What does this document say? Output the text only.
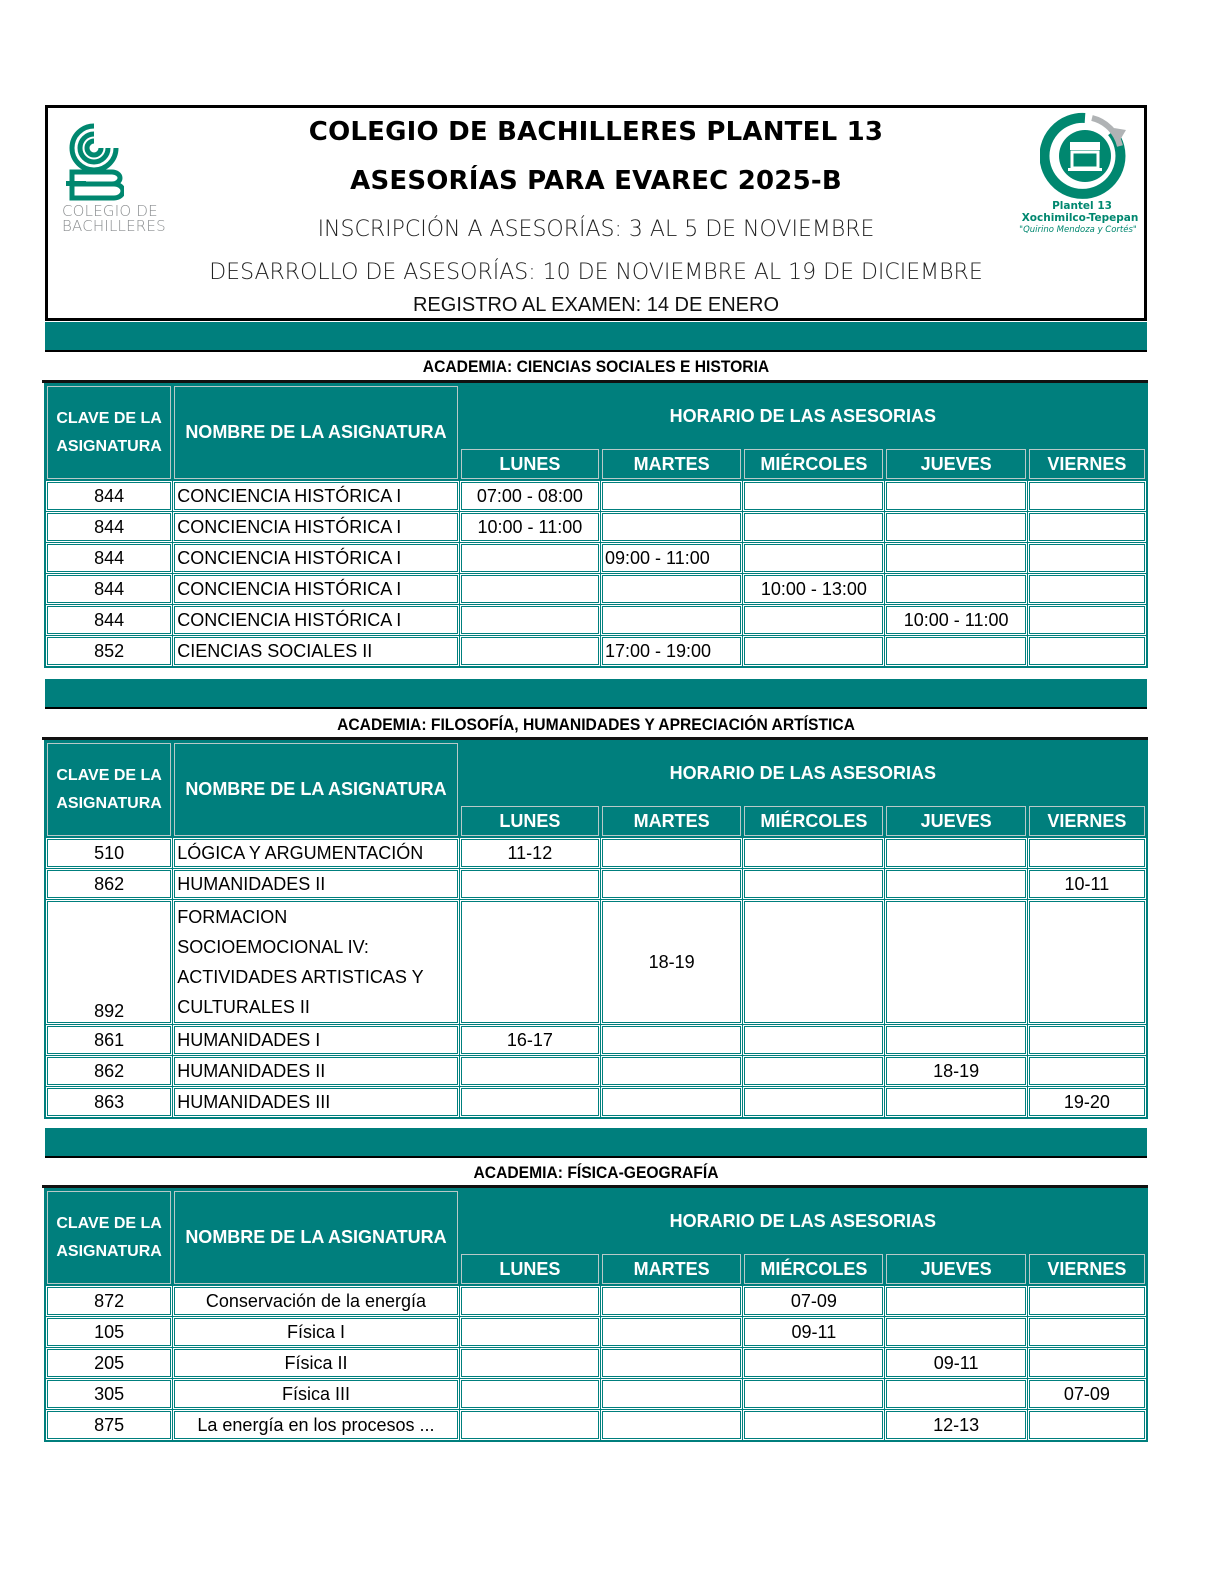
COLEGIO DE
BACHILLERES
COLEGIO DE BACHILLERES PLANTEL 13
ASESORÍAS PARA EVAREC 2025-B
INSCRIPCIÓN A ASESORÍAS: 3 AL 5 DE NOVIEMBRE
DESARROLLO DE ASESORÍAS: 10 DE NOVIEMBRE AL 19 DE DICIEMBRE
REGISTRO AL EXAMEN: 14 DE ENERO
Plantel 13
Xochimilco-Tepepan
"Quirino Mendoza y Cortés"
ACADEMIA: CIENCIAS SOCIALES E HISTORIA
CLAVE DE LA ASIGNATURA	NOMBRE DE LA ASIGNATURA	HORARIO DE LAS ASESORIAS				
		LUNES	MARTES	MIÉRCOLES	JUEVES	VIERNES
844	CONCIENCIA HISTÓRICA I	07:00 - 08:00				
844	CONCIENCIA HISTÓRICA I	10:00 - 11:00				
844	CONCIENCIA HISTÓRICA I		09:00 - 11:00			
844	CONCIENCIA HISTÓRICA I			10:00 - 13:00		
844	CONCIENCIA HISTÓRICA I				10:00 - 11:00	
852	CIENCIAS SOCIALES II		17:00 - 19:00			
ACADEMIA: FILOSOFÍA, HUMANIDADES Y APRECIACIÓN ARTÍSTICA
CLAVE DE LA ASIGNATURA	NOMBRE DE LA ASIGNATURA	HORARIO DE LAS ASESORIAS				
		LUNES	MARTES	MIÉRCOLES	JUEVES	VIERNES
510	LÓGICA Y ARGUMENTACIÓN	11-12				
862	HUMANIDADES II					10-11
892	FORMACION SOCIOEMOCIONAL IV: ACTIVIDADES ARTISTICAS Y CULTURALES II		18-19			
861	HUMANIDADES I	16-17				
862	HUMANIDADES II				18-19	
863	HUMANIDADES III					19-20
ACADEMIA: FÍSICA-GEOGRAFÍA
CLAVE DE LA ASIGNATURA	NOMBRE DE LA ASIGNATURA	HORARIO DE LAS ASESORIAS				
		LUNES	MARTES	MIÉRCOLES	JUEVES	VIERNES
872	Conservación de la energía			07-09		
105	Física I			09-11		
205	Física II				09-11	
305	Física III					07-09
875	La energía en los procesos ...				12-13	
